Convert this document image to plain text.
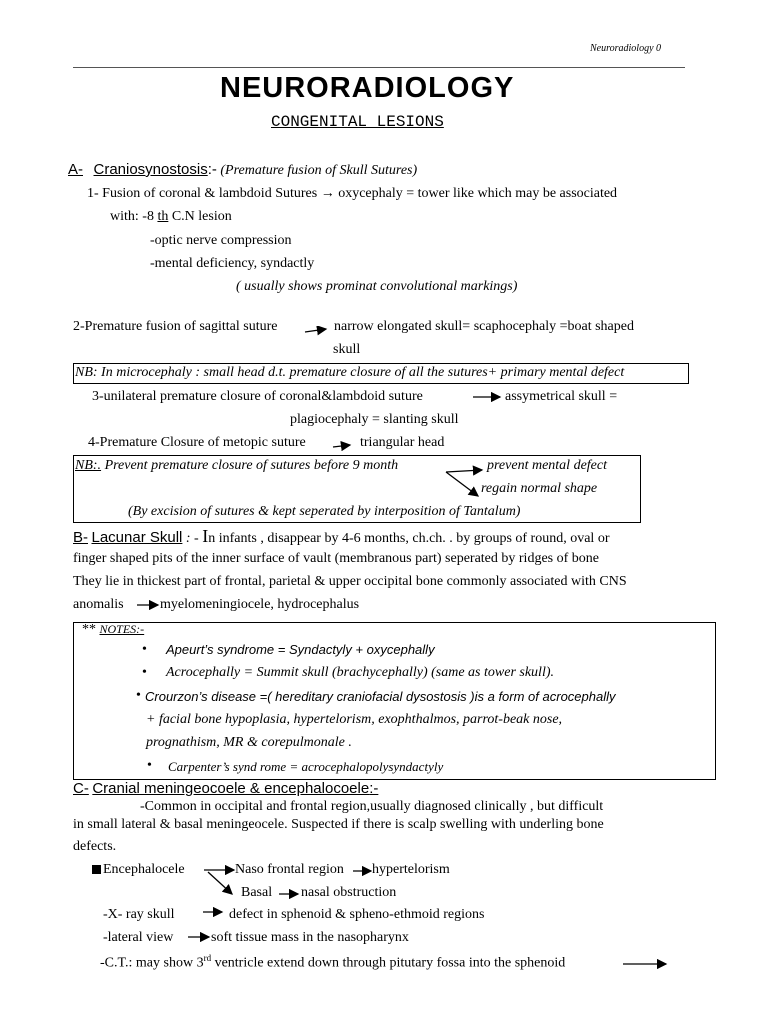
Neuroradiology 0
NEURORADIOLOGY
CONGENITAL LESIONS
A- Craniosynostosis:- (Premature fusion of Skull Sutures)
1- Fusion of coronal & lambdoid Sutures → oxycephaly = tower like which may be associated
with: -8 th C.N lesion
-optic nerve compression
-mental deficiency, syndactly
( usually shows prominat convolutional markings)
2-Premature fusion of sagittal suture	narrow elongated skull= scaphocephaly =boat shaped
skull
NB: In microcephaly : small head d.t. premature closure of all the sutures+ primary mental defect
3-unilateral premature closure of coronal&lambdoid suture	assymetrical skull =
plagiocephaly = slanting skull
4-Premature Closure of metopic suture	triangular head
NB:. Prevent premature closure of sutures before 9 month	prevent mental defect
regain normal shape
(By excision of sutures & kept seperated by interposition of Tantalum)
B- Lacunar Skull : - In infants , disappear by 4-6 months, ch.ch. . by groups of round, oval or
finger shaped pits of the inner surface of vault (membranous part) seperated by ridges of bone
They lie in thickest part of frontal, parietal & upper occipital bone commonly associated with CNS
anomalis	myelomeningiocele, hydrocephalus
** NOTES:-
• Apeurt’s syndrome = Syndactyly + oxycephally
• Acrocephally = Summit skull (brachycephally) (same as tower skull).
• Crourzon’s disease =( hereditary craniofacial dysostosis )is a form of acrocephally
+ facial bone hypoplasia, hypertelorism, exophthalmos, parrot-beak nose,
prognathism, MR & corepulmonale .
• Carpenter’s synd rome = acrocephalopolysyndactyly
C- Cranial meningeocoele & encephalocoele:-
-Common in occipital and frontal region,usually diagnosed clinically , but difficult
in small lateral & basal meningeocele. Suspected if there is scalp swelling with underling bone
defects.
Encephalocele	Naso frontal region hypertelorism
Basal nasal obstruction
-X- ray skull	defect in sphenoid & spheno-ethmoid regions
-lateral view	soft tissue mass in the nasopharynx
-C.T.: may show 3rd ventricle extend down through pitutary fossa into the sphenoid
